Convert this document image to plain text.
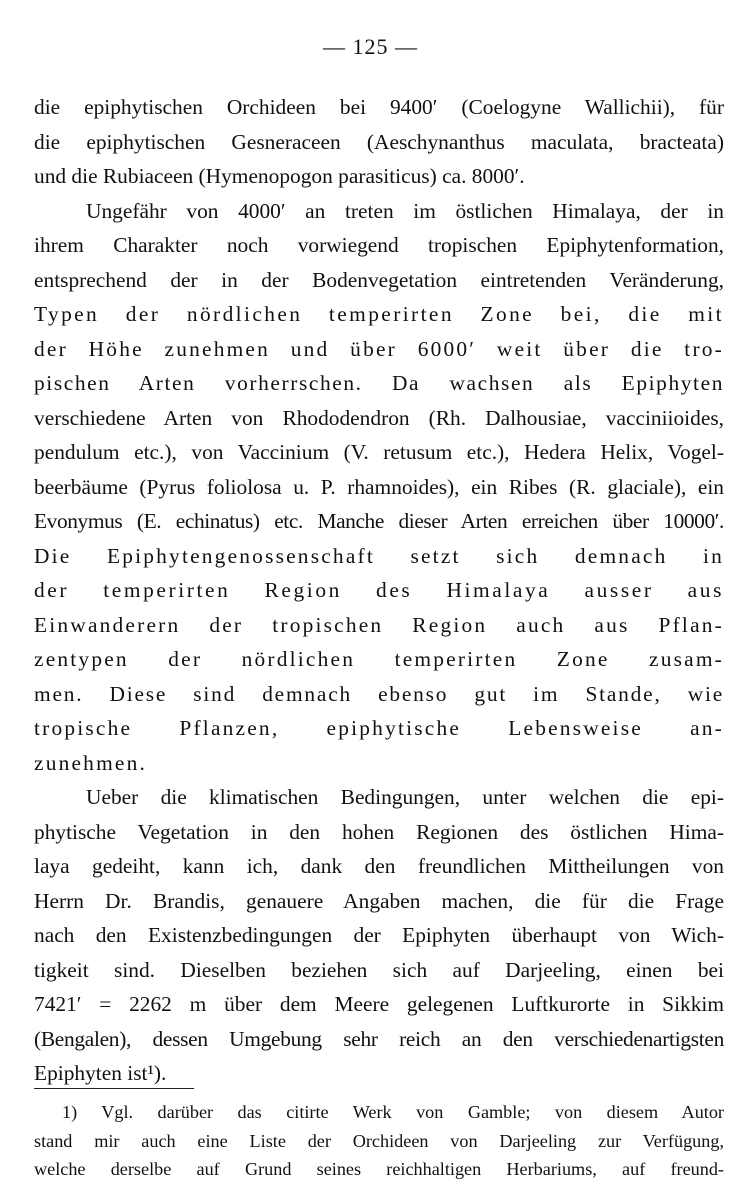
— 125 —
die epiphytischen Orchideen bei 9400′ (Coelogyne Wallichii), für
die epiphytischen Gesneraceen (Aeschynanthus maculata, bracteata)
und die Rubiaceen (Hymenopogon parasiticus) ca. 8000′.
Ungefähr von 4000′ an treten im östlichen Himalaya, der in
ihrem Charakter noch vorwiegend tropischen Epiphytenformation,
entsprechend der in der Bodenvegetation eintretenden Veränderung,
Typen der nördlichen temperirten Zone bei, die mit
der Höhe zunehmen und über 6000′ weit über die tro-
pischen Arten vorherrschen. Da wachsen als Epiphyten
verschiedene Arten von Rhododendron (Rh. Dalhousiae, vacciniioides,
pendulum etc.), von Vaccinium (V. retusum etc.), Hedera Helix, Vogel-
beerbäume (Pyrus foliolosa u. P. rhamnoides), ein Ribes (R. glaciale), ein
Evonymus (E. echinatus) etc. Manche dieser Arten erreichen über 10000′.
Die Epiphytengenossenschaft setzt sich demnach in
der temperirten Region des Himalaya ausser aus
Einwanderern der tropischen Region auch aus Pflan-
zentypen der nördlichen temperirten Zone zusam-
men. Diese sind demnach ebenso gut im Stande, wie
tropische Pflanzen, epiphytische Lebensweise an-
zunehmen.
Ueber die klimatischen Bedingungen, unter welchen die epi-
phytische Vegetation in den hohen Regionen des östlichen Hima-
laya gedeiht, kann ich, dank den freundlichen Mittheilungen von
Herrn Dr. Brandis, genauere Angaben machen, die für die Frage
nach den Existenzbedingungen der Epiphyten überhaupt von Wich-
tigkeit sind. Dieselben beziehen sich auf Darjeeling, einen bei
7421′ = 2262 m über dem Meere gelegenen Luftkurorte in Sikkim
(Bengalen), dessen Umgebung sehr reich an den verschiedenartigsten
Epiphyten ist¹).
1) Vgl. darüber das citirte Werk von Gamble; von diesem Autor
stand mir auch eine Liste der Orchideen von Darjeeling zur Verfügung,
welche derselbe auf Grund seines reichhaltigen Herbariums, auf freund-
